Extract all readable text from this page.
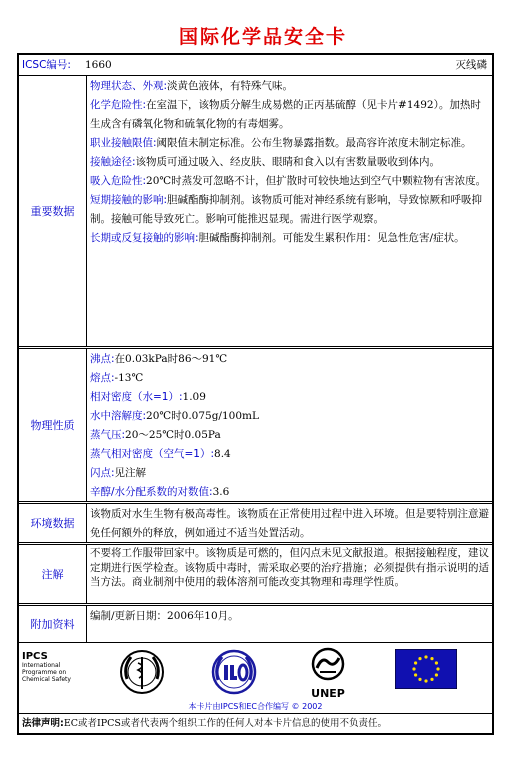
国际化学品安全卡
ICSC编号: 1660	灭线磷
重要数据

物理状态、外观:淡黄色液体，有特殊气味。

化学危险性:在室温下，该物质分解生成易燃的正丙基硫醇（见卡片#1492）。加热时生成含有磷氧化物和硫氧化物的有毒烟雾。

职业接触限值:阈限值未制定标准。公布生物暴露指数。最高容许浓度未制定标准。

接触途径:该物质可通过吸入、经皮肤、眼睛和食入以有害数量吸收到体内。

吸入危险性:20℃时蒸发可忽略不计，但扩散时可较快地达到空气中颗粒物有害浓度。

短期接触的影响:胆碱酯酶抑制剂。该物质可能对神经系统有影响，导致惊厥和呼吸抑制。接触可能导致死亡。影响可能推迟显现。需进行医学观察。

长期或反复接触的影响:胆碱酯酶抑制剂。可能发生累积作用：见急性危害/症状。

物理性质

沸点:在0.03kPa时86～91℃

熔点:-13℃

相对密度（水=1）:1.09

水中溶解度:20℃时0.075g/100mL

蒸气压:20～25℃时0.05Pa

蒸气相对密度（空气=1）:8.4

闪点:见注解

辛醇/水分配系数的对数值:3.6

环境数据

该物质对水生生物有极高毒性。该物质在正常使用过程中进入环境。但是要特别注意避免任何额外的释放，例如通过不适当处置活动。

注解

不要将工作服带回家中。该物质是可燃的，但闪点未见文献报道。根据接触程度，建议定期进行医学检查。该物质中毒时，需采取必要的治疗措施；必须提供有指示说明的适当方法。商业制剂中使用的载体溶剂可能改变其物理和毒理学性质。

附加资料

编制/更新日期：2006年10月。

IPCS
International
Programme on
Chemical Safety
UNEP
本卡片由IPCS和EC合作编写 © 2002
法律声明:EC或者IPCS或者代表两个组织工作的任何人对本卡片信息的使用不负责任。
